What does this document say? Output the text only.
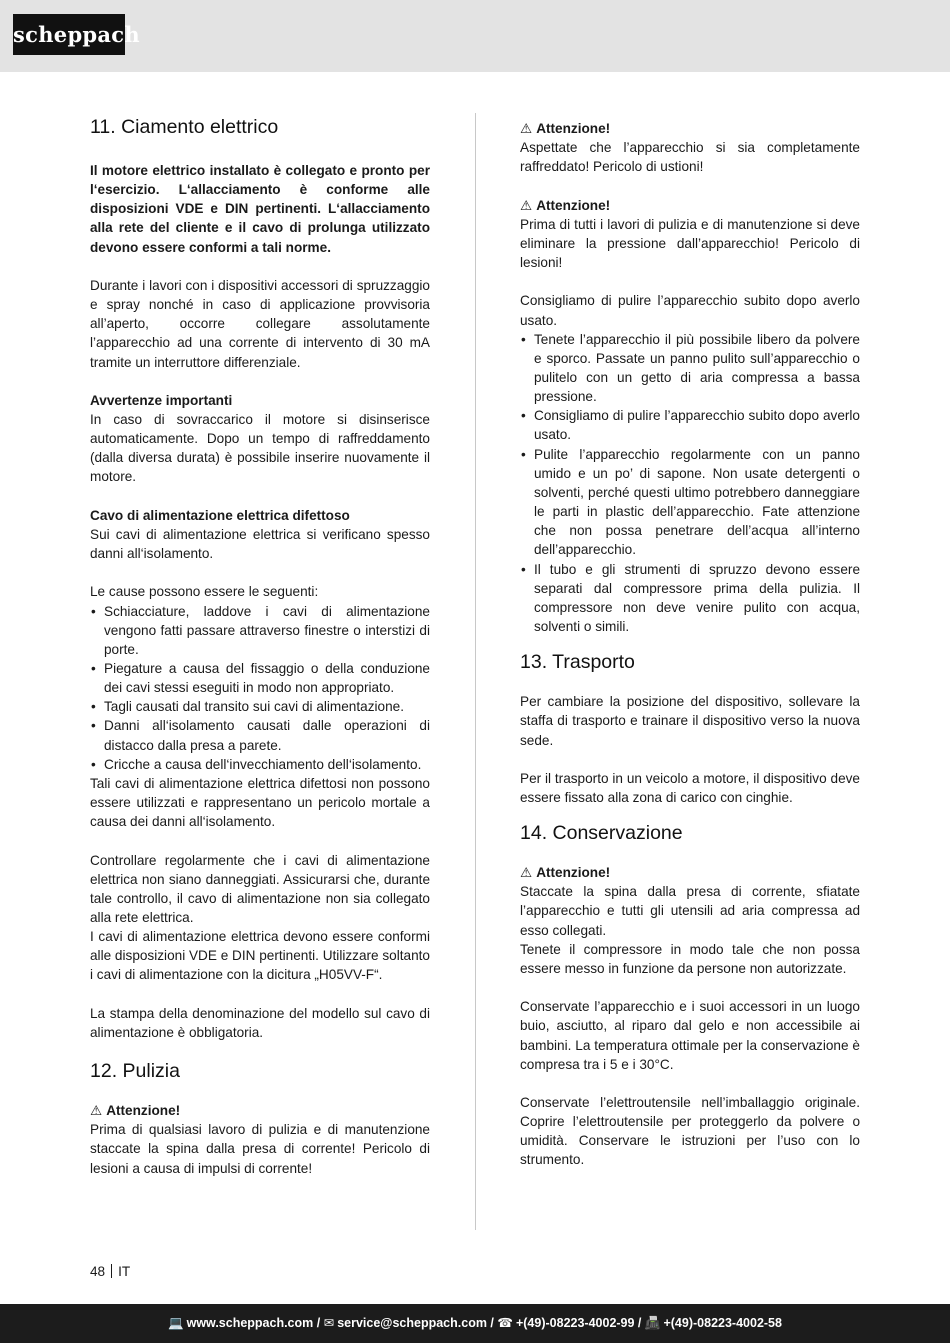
scheppach
11. Ciamento elettrico

Il motore elettrico installato è collegato e pronto per l‘esercizio. L‘allacciamento è conforme alle disposizioni VDE e DIN pertinenti. L‘allacciamento alla rete del cliente e il cavo di prolunga utilizzato devono essere conformi a tali norme.

Durante i lavori con i dispositivi accessori di spruzzaggio e spray nonché in caso di applicazione provvisoria all’aperto, occorre collegare assolutamente l’apparecchio ad una corrente di intervento di 30 mA tramite un interruttore differenziale.

Avvertenze importanti

In caso di sovraccarico il motore si disinserisce automaticamente. Dopo un tempo di raffreddamento (dalla diversa durata) è possibile inserire nuovamente il motore.

Cavo di alimentazione elettrica difettoso

Sui cavi di alimentazione elettrica si verificano spesso danni all‘isolamento.

Le cause possono essere le seguenti:

• Schiacciature, laddove i cavi di alimentazione vengono fatti passare attraverso finestre o interstizi di porte.
• Piegature a causa del fissaggio o della conduzione dei cavi stessi eseguiti in modo non appropriato.
• Tagli causati dal transito sui cavi di alimentazione.
• Danni all‘isolamento causati dalle operazioni di distacco dalla presa a parete.
• Cricche a causa dell‘invecchiamento dell‘isolamento.

Tali cavi di alimentazione elettrica difettosi non possono essere utilizzati e rappresentano un pericolo mortale a causa dei danni all‘isolamento.

Controllare regolarmente che i cavi di alimentazione elettrica non siano danneggiati. Assicurarsi che, durante tale controllo, il cavo di alimentazione non sia collegato alla rete elettrica.

I cavi di alimentazione elettrica devono essere conformi alle disposizioni VDE e DIN pertinenti. Utilizzare soltanto i cavi di alimentazione con la dicitura „H05VV-F“.

La stampa della denominazione del modello sul cavo di alimentazione è obbligatoria.

12. Pulizia

⚠ Attenzione!

Prima di qualsiasi lavoro di pulizia e di manutenzione staccate la spina dalla presa di corrente! Pericolo di lesioni a causa di impulsi di corrente!

⚠ Attenzione!

Aspettate che l’apparecchio si sia completamente raffreddato! Pericolo di ustioni!

⚠ Attenzione!

Prima di tutti i lavori di pulizia e di manutenzione si deve eliminare la pressione dall’apparecchio! Pericolo di lesioni!

Consigliamo di pulire l’apparecchio subito dopo averlo usato.

• Tenete l’apparecchio il più possibile libero da polvere e sporco. Passate un panno pulito sull’apparecchio o pulitelo con un getto di aria compressa a bassa pressione.
• Consigliamo di pulire l’apparecchio subito dopo averlo usato.
• Pulite l’apparecchio regolarmente con un panno umido e un po’ di sapone. Non usate detergenti o solventi, perché questi ultimo potrebbero danneggiare le parti in plastic dell’apparecchio. Fate attenzione che non possa penetrare dell’acqua all’interno dell’apparecchio.
• Il tubo e gli strumenti di spruzzo devono essere separati dal compressore prima della pulizia. Il compressore non deve venire pulito con acqua, solventi o simili.
13. Trasporto

Per cambiare la posizione del dispositivo, sollevare la staffa di trasporto e trainare il dispositivo verso la nuova sede.

Per il trasporto in un veicolo a motore, il dispositivo deve essere fissato alla zona di carico con cinghie.

14. Conservazione

⚠ Attenzione!

Staccate la spina dalla presa di corrente, sfiatate l’apparecchio e tutti gli utensili ad aria compressa ad esso collegati.

Tenete il compressore in modo tale che non possa essere messo in funzione da persone non autorizzate.

Conservate l’apparecchio e i suoi accessori in un luogo buio, asciutto, al riparo dal gelo e non accessibile ai bambini. La temperatura ottimale per la conservazione è compresa tra i 5 e i 30°C.

Conservate l’elettroutensile nell’imballaggio originale. Coprire l’elettroutensile per proteggerlo da polvere o umidità. Conservare le istruzioni per l’uso con lo strumento.

48 IT
💻 www.scheppach.com / ✉ service@scheppach.com / ☎ +(49)-08223-4002-99 / 📠 +(49)-08223-4002-58
